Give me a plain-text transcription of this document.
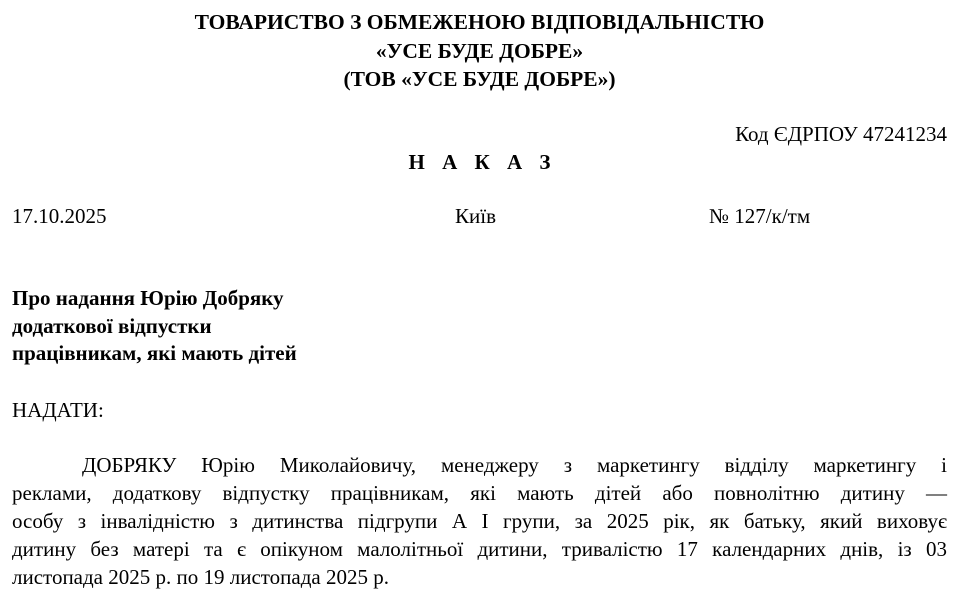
ТОВАРИСТВО З ОБМЕЖЕНОЮ ВІДПОВІДАЛЬНІСТЮ
«УСЕ БУДЕ ДОБРЕ»
(ТОВ «УСЕ БУДЕ ДОБРЕ»)
Код ЄДРПОУ 47241234
Н А К А З
17.10.2025	Київ	№ 127/к/тм
Про надання Юрію Добряку
додаткової відпустки
працівникам, які мають дітей
НАДАТИ:
ДОБРЯКУ Юрію Миколайовичу, менеджеру з маркетингу відділу маркетингу і
реклами, додаткову відпустку працівникам, які мають дітей або повнолітню дитину —
особу з інвалідністю з дитинства підгрупи А I групи, за 2025 рік, як батьку, який виховує
дитину без матері та є опікуном малолітньої дитини, тривалістю 17 календарних днів, із 03
листопада 2025 р. по 19 листопада 2025 р.
